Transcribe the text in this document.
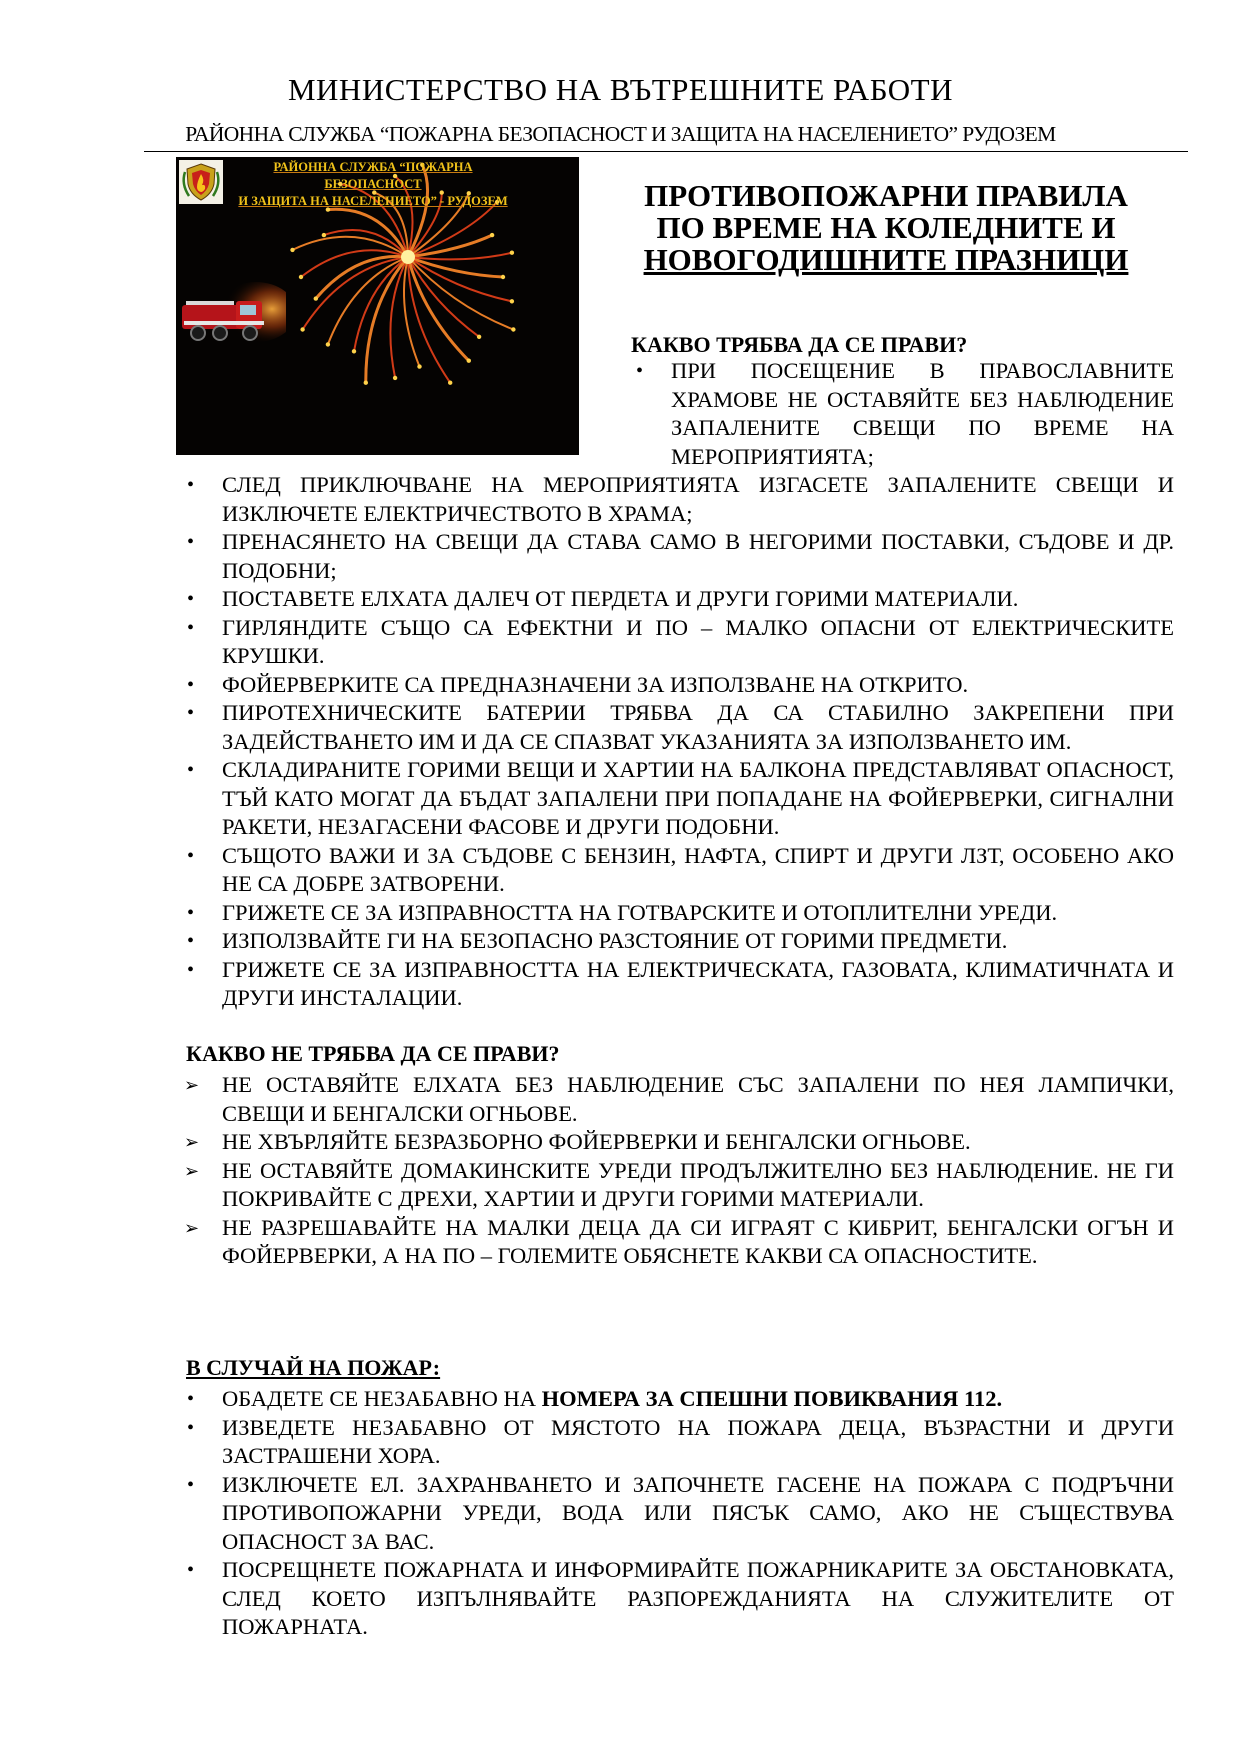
МИНИСТЕРСТВО НА ВЪТРЕШНИТЕ РАБОТИ
РАЙОННА СЛУЖБА “ПОЖАРНА БЕЗОПАСНОСТ И ЗАЩИТА НА НАСЕЛЕНИЕТО” РУДОЗЕМ
РАЙОННА СЛУЖБА “ПОЖАРНА БЕЗОПАСНОСТ
И ЗАЩИТА НА НАСЕЛЕНИЕТО” - РУДОЗЕМ	ПРОТИВОПОЖАРНИ ПРАВИЛА
ПО ВРЕМЕ НА КОЛЕДНИТЕ И
НОВОГОДИШНИТЕ ПРАЗНИЦИ
КАКВО ТРЯБВА ДА СЕ ПРАВИ?
•	ПРИ ПОСЕЩЕНИЕ В ПРАВОСЛАВНИТЕ ХРАМОВЕ НЕ ОСТАВЯЙТЕ БЕЗ НАБЛЮДЕНИЕ ЗАПАЛЕНИТЕ СВЕЩИ ПО ВРЕМЕ НА МЕРОПРИЯТИЯТА;
•	СЛЕД ПРИКЛЮЧВАНЕ НА МЕРОПРИЯТИЯТА ИЗГАСЕТЕ ЗАПАЛЕНИТЕ СВЕЩИ И ИЗКЛЮЧЕТЕ ЕЛЕКТРИЧЕСТВОТО В ХРАМА;
•	ПРЕНАСЯНЕТО НА СВЕЩИ ДА СТАВА САМО В НЕГОРИМИ ПОСТАВКИ, СЪДОВЕ И ДР. ПОДОБНИ;
•	ПОСТАВЕТЕ ЕЛХАТА ДАЛЕЧ ОТ ПЕРДЕТА И ДРУГИ ГОРИМИ МАТЕРИАЛИ.
•	ГИРЛЯНДИТЕ СЪЩО СА ЕФЕКТНИ И ПО – МАЛКО ОПАСНИ ОТ ЕЛЕКТРИЧЕСКИТЕ КРУШКИ.
•	ФОЙЕРВЕРКИТЕ СА ПРЕДНАЗНАЧЕНИ ЗА ИЗПОЛЗВАНЕ НА ОТКРИТО.
•	ПИРОТЕХНИЧЕСКИТЕ БАТЕРИИ ТРЯБВА ДА СА СТАБИЛНО ЗАКРЕПЕНИ ПРИ ЗАДЕЙСТВАНЕТО ИМ И ДА СЕ СПАЗВАТ УКАЗАНИЯТА ЗА ИЗПОЛЗВАНЕТО ИМ.
•	СКЛАДИРАНИТЕ ГОРИМИ ВЕЩИ И ХАРТИИ НА БАЛКОНА ПРЕДСТАВЛЯВАТ ОПАСНОСТ, ТЪЙ КАТО МОГАТ ДА БЪДАТ ЗАПАЛЕНИ ПРИ ПОПАДАНЕ НА ФОЙЕРВЕРКИ, СИГНАЛНИ РАКЕТИ, НЕЗАГАСЕНИ ФАСОВЕ И ДРУГИ ПОДОБНИ.
•	СЪЩОТО ВАЖИ И ЗА СЪДОВЕ С БЕНЗИН, НАФТА, СПИРТ И ДРУГИ ЛЗТ, ОСОБЕНО АКО НЕ СА ДОБРЕ ЗАТВОРЕНИ.
•	ГРИЖЕТЕ СЕ ЗА ИЗПРАВНОСТТА НА ГОТВАРСКИТЕ И ОТОПЛИТЕЛНИ УРЕДИ.
•	ИЗПОЛЗВАЙТЕ ГИ НА БЕЗОПАСНО РАЗСТОЯНИЕ ОТ ГОРИМИ ПРЕДМЕТИ.
•	ГРИЖЕТЕ СЕ ЗА ИЗПРАВНОСТТА НА ЕЛЕКТРИЧЕСКАТА, ГАЗОВАТА, КЛИМАТИЧНАТА И ДРУГИ ИНСТАЛАЦИИ.
КАКВО НЕ ТРЯБВА ДА СЕ ПРАВИ?
➢ НЕ ОСТАВЯЙТЕ ЕЛХАТА БЕЗ НАБЛЮДЕНИЕ СЪС ЗАПАЛЕНИ ПО НЕЯ ЛАМПИЧКИ, СВЕЩИ И БЕНГАЛСКИ ОГНЬОВЕ.
➢ НЕ ХВЪРЛЯЙТЕ БЕЗРАЗБОРНО ФОЙЕРВЕРКИ И БЕНГАЛСКИ ОГНЬОВЕ.
➢ НЕ ОСТАВЯЙТЕ ДОМАКИНСКИТЕ УРЕДИ ПРОДЪЛЖИТЕЛНО БЕЗ НАБЛЮДЕНИЕ. НЕ ГИ ПОКРИВАЙТЕ С ДРЕХИ, ХАРТИИ И ДРУГИ ГОРИМИ МАТЕРИАЛИ.
➢ НЕ РАЗРЕШАВАЙТЕ НА МАЛКИ ДЕЦА ДА СИ ИГРАЯТ С КИБРИТ, БЕНГАЛСКИ ОГЪН И ФОЙЕРВЕРКИ, А НА ПО – ГОЛЕМИТЕ ОБЯСНЕТЕ КАКВИ СА ОПАСНОСТИТЕ.
В СЛУЧАЙ НА ПОЖАР:
•	ОБАДЕТЕ СЕ НЕЗАБАВНО НА НОМЕРА ЗА СПЕШНИ ПОВИКВАНИЯ 112.
•	ИЗВЕДЕТЕ НЕЗАБАВНО ОТ МЯСТОТО НА ПОЖАРА ДЕЦА, ВЪЗРАСТНИ И ДРУГИ ЗАСТРАШЕНИ ХОРА.
•	ИЗКЛЮЧЕТЕ ЕЛ. ЗАХРАНВАНЕТО И ЗАПОЧНЕТЕ ГАСЕНЕ НА ПОЖАРА С ПОДРЪЧНИ ПРОТИВОПОЖАРНИ УРЕДИ, ВОДА ИЛИ ПЯСЪК САМО, АКО НЕ СЪЩЕСТВУВА ОПАСНОСТ ЗА ВАС.
•	ПОСРЕЩНЕТЕ ПОЖАРНАТА И ИНФОРМИРАЙТЕ ПОЖАРНИКАРИТЕ ЗА ОБСТАНОВКАТА, СЛЕД КОЕТО ИЗПЪЛНЯВАЙТЕ РАЗПОРЕЖДАНИЯТА НА СЛУЖИТЕЛИТЕ ОТ ПОЖАРНАТА.
